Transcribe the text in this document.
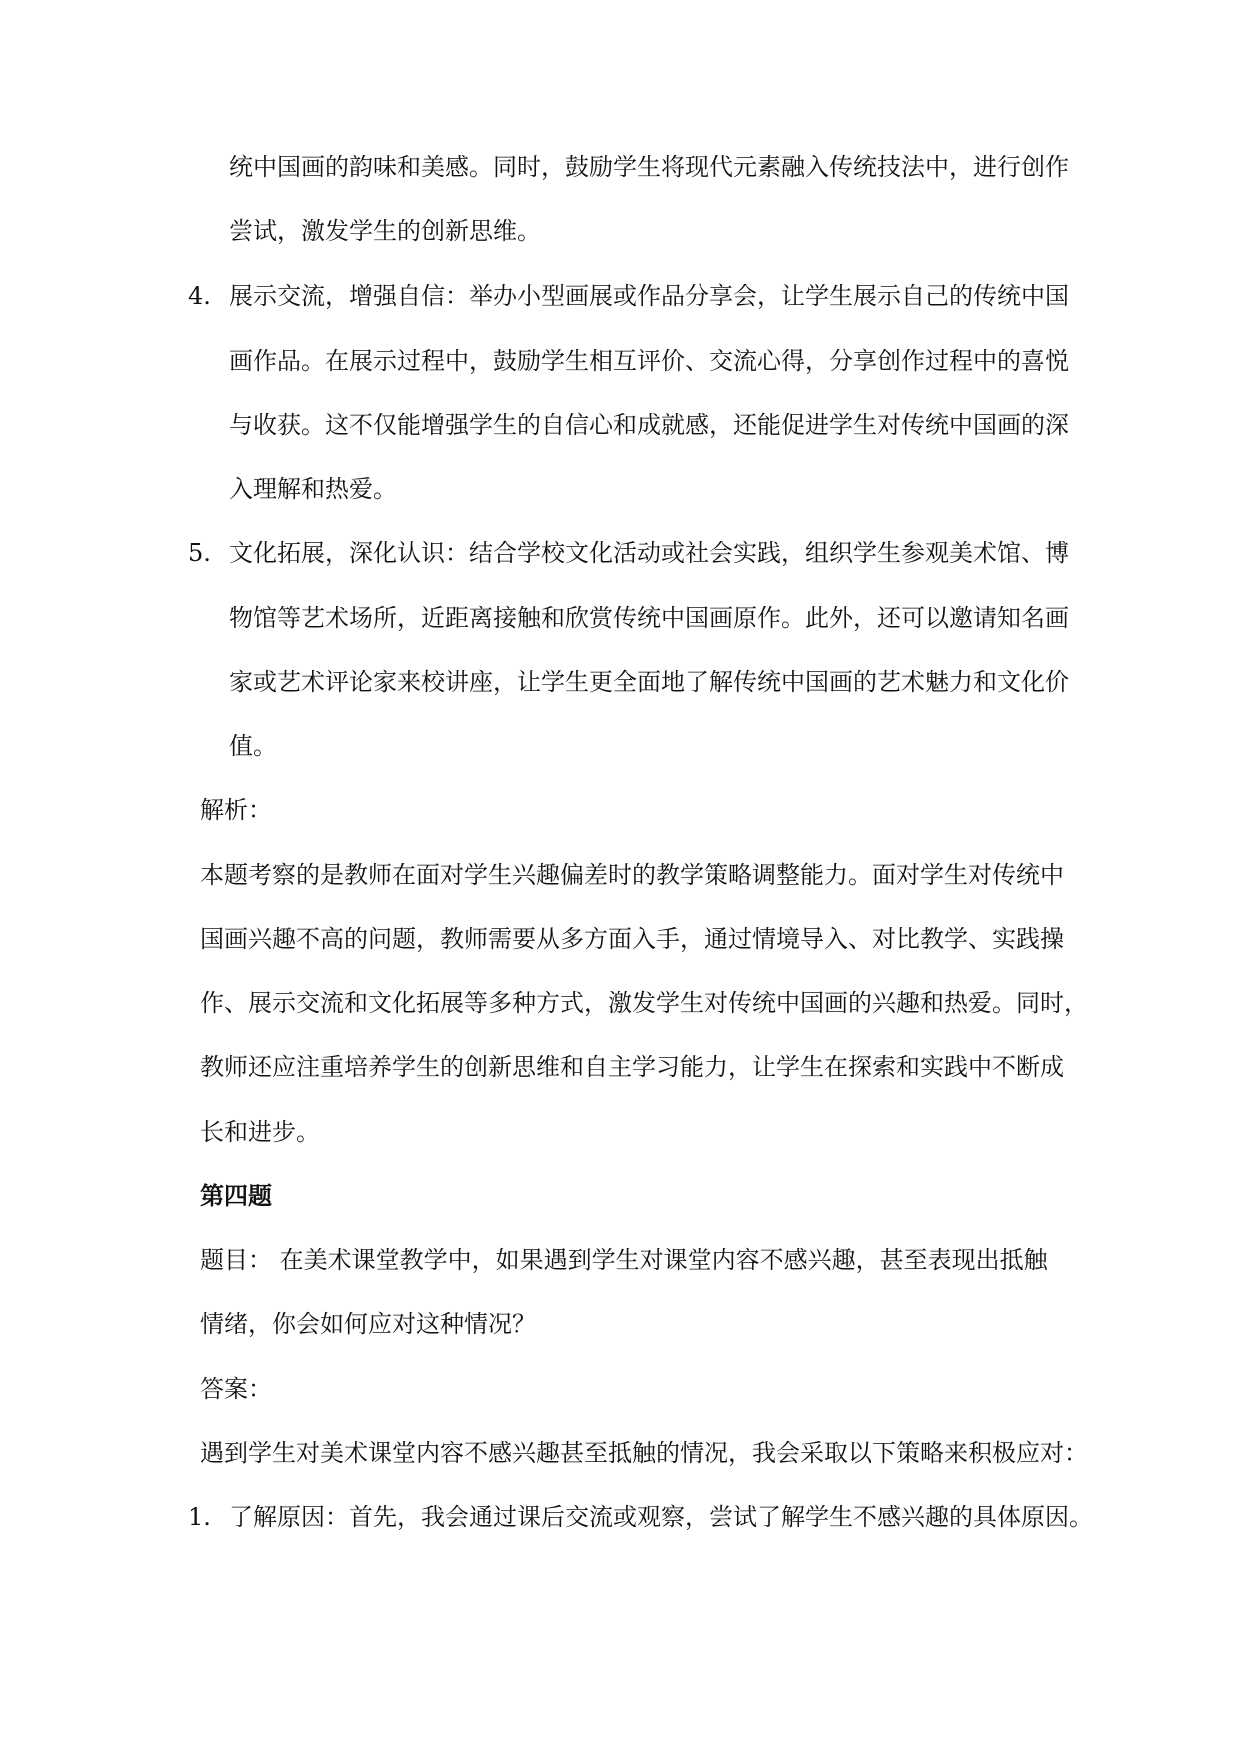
统中国画的韵味和美感。同时，鼓励学生将现代元素融入传统技法中，进行创作
尝试，激发学生的创新思维。
4. 展示交流，增强自信：举办小型画展或作品分享会，让学生展示自己的传统中国
画作品。在展示过程中，鼓励学生相互评价、交流心得，分享创作过程中的喜悦
与收获。这不仅能增强学生的自信心和成就感，还能促进学生对传统中国画的深
入理解和热爱。
5. 文化拓展，深化认识：结合学校文化活动或社会实践，组织学生参观美术馆、博
物馆等艺术场所，近距离接触和欣赏传统中国画原作。此外，还可以邀请知名画
家或艺术评论家来校讲座，让学生更全面地了解传统中国画的艺术魅力和文化价
值。
解析：
本题考察的是教师在面对学生兴趣偏差时的教学策略调整能力。面对学生对传统中
国画兴趣不高的问题，教师需要从多方面入手，通过情境导入、对比教学、实践操
作、展示交流和文化拓展等多种方式，激发学生对传统中国画的兴趣和热爱。同时，
教师还应注重培养学生的创新思维和自主学习能力，让学生在探索和实践中不断成
长和进步。
第四题
题目： 在美术课堂教学中，如果遇到学生对课堂内容不感兴趣，甚至表现出抵触
情绪，你会如何应对这种情况？
答案：
遇到学生对美术课堂内容不感兴趣甚至抵触的情况，我会采取以下策略来积极应对：
1. 了解原因：首先，我会通过课后交流或观察，尝试了解学生不感兴趣的具体原因。
